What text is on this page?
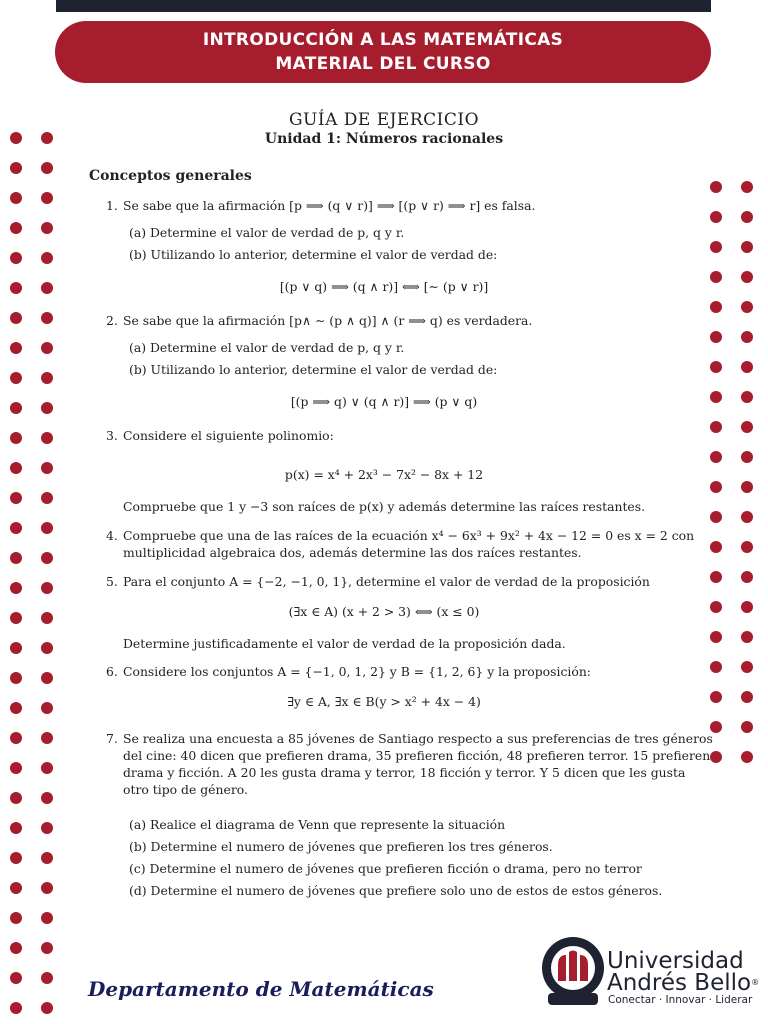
INTRODUCCIÓN A LAS MATEMÁTICAS
MATERIAL DEL CURSO
GUÍA DE EJERCICIO
Unidad 1: Números racionales
Conceptos generales
1. Se sabe que la afirmación [p ⟹ (q ∨ r)] ⟹ [(p ∨ r) ⟹ r] es falsa.
(a) Determine el valor de verdad de p, q y r.
(b) Utilizando lo anterior, determine el valor de verdad de:
[(p ∨ q) ⟹ (q ∧ r)] ⟺ [∼ (p ∨ r)]
2. Se sabe que la afirmación [p∧ ∼ (p ∧ q)] ∧ (r ⟹ q) es verdadera.
(a) Determine el valor de verdad de p, q y r.
(b) Utilizando lo anterior, determine el valor de verdad de:
[(p ⟹ q) ∨ (q ∧ r)] ⟹ (p ∨ q)
3. Considere el siguiente polinomio:
p(x) = x⁴ + 2x³ − 7x² − 8x + 12
Compruebe que 1 y −3 son raíces de p(x) y además determine las raíces restantes.
4. Compruebe que una de las raíces de la ecuación x⁴ − 6x³ + 9x² + 4x − 12 = 0 es x = 2 con
multiplicidad algebraica dos, además determine las dos raíces restantes.
5. Para el conjunto A = {−2, −1, 0, 1}, determine el valor de verdad de la proposición
(∃x ∈ A) (x + 2 > 3) ⟺ (x ≤ 0)
Determine justificadamente el valor de verdad de la proposición dada.
6. Considere los conjuntos A = {−1, 0, 1, 2} y B = {1, 2, 6} y la proposición:
∃y ∈ A, ∃x ∈ B(y > x² + 4x − 4)
7. Se realiza una encuesta a 85 jóvenes de Santiago respecto a sus preferencias de tres géneros
del cine: 40 dicen que prefieren drama, 35 prefieren ficción, 48 prefieren terror. 15 prefieren
drama y ficción. A 20 les gusta drama y terror, 18 ficción y terror. Y 5 dicen que les gusta
otro tipo de género.
(a) Realice el diagrama de Venn que represente la situación
(b) Determine el numero de jóvenes que prefieren los tres géneros.
(c) Determine el numero de jóvenes que prefieren ficción o drama, pero no terror
(d) Determine el numero de jóvenes que prefiere solo uno de estos de estos géneros.
Departamento de Matemáticas
Universidad
Andrés Bello®
Conectar · Innovar · Liderar
